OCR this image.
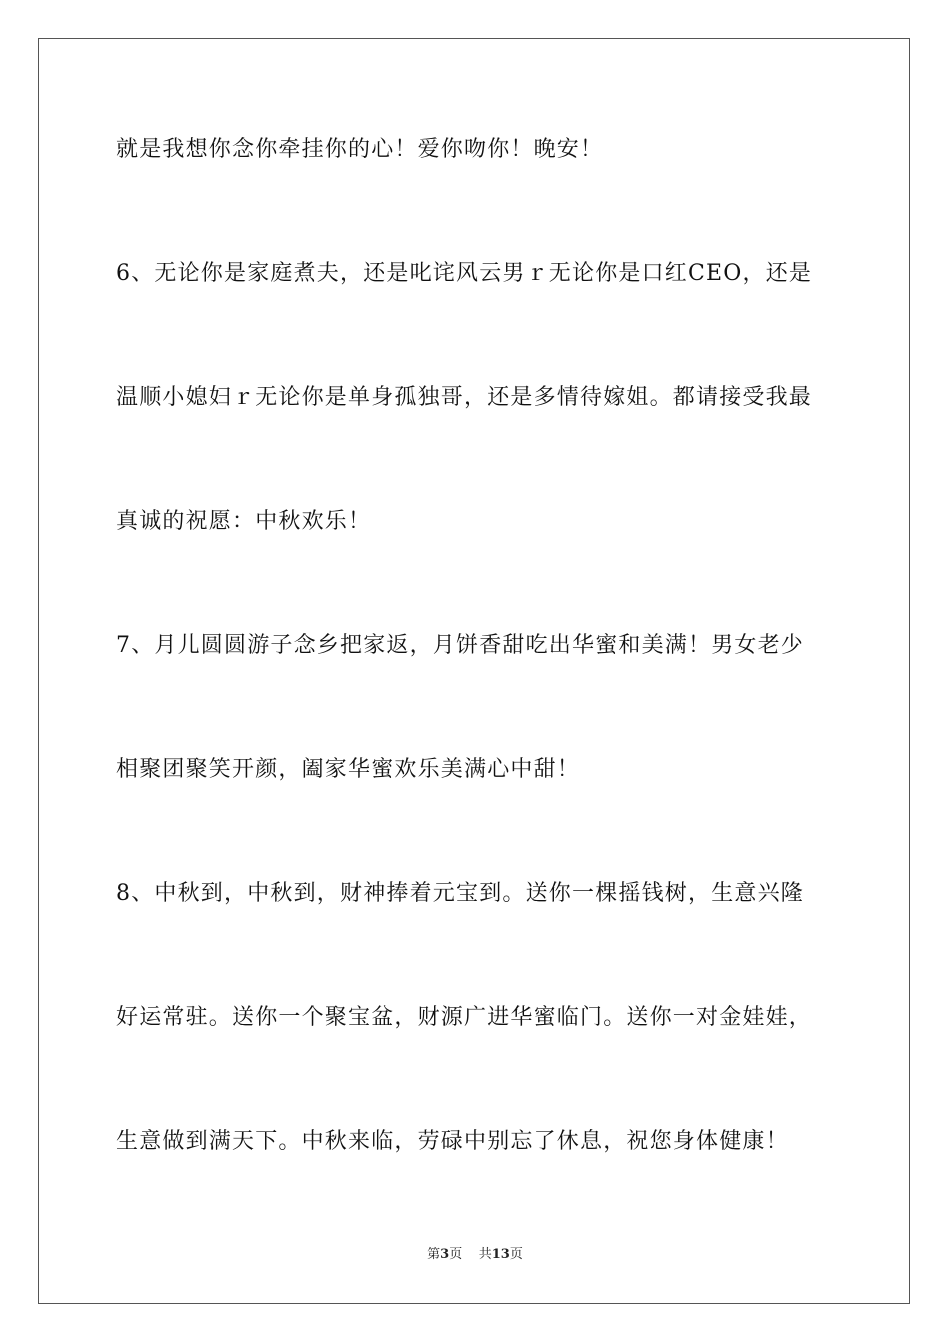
就是我想你念你牵挂你的心！爱你吻你！晚安！
6、无论你是家庭煮夫，还是叱诧风云男ｒ无论你是口红CEO，还是
温顺小媳妇ｒ无论你是单身孤独哥，还是多情待嫁姐。都请接受我最
真诚的祝愿：中秋欢乐！
7、月儿圆圆游子念乡把家返，月饼香甜吃出华蜜和美满！男女老少
相聚团聚笑开颜，阖家华蜜欢乐美满心中甜！
8、中秋到，中秋到，财神捧着元宝到。送你一棵摇钱树，生意兴隆
好运常驻。送你一个聚宝盆，财源广进华蜜临门。送你一对金娃娃，
生意做到满天下。中秋来临，劳碌中别忘了休息，祝您身体健康！
第3页 共13页
